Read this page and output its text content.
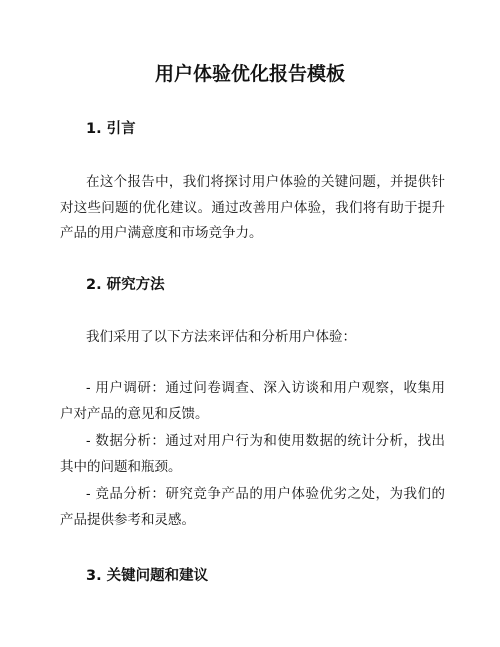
用户体验优化报告模板
1. 引言

在这个报告中，我们将探讨用户体验的关键问题，并提供针对这些问题的优化建议。通过改善用户体验，我们将有助于提升产品的用户满意度和市场竞争力。

2. 研究方法

我们采用了以下方法来评估和分析用户体验：

- 用户调研：通过问卷调查、深入访谈和用户观察，收集用户对产品的意见和反馈。

- 数据分析：通过对用户行为和使用数据的统计分析，找出其中的问题和瓶颈。

- 竞品分析：研究竞争产品的用户体验优劣之处，为我们的产品提供参考和灵感。

3. 关键问题和建议
